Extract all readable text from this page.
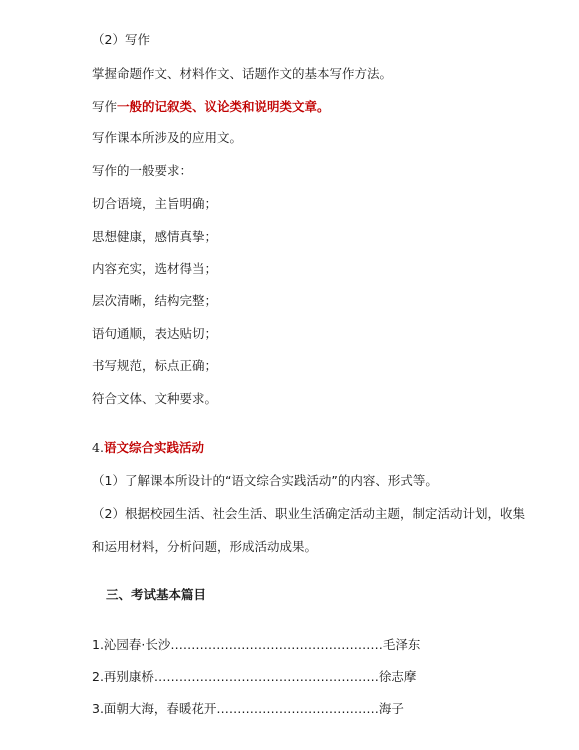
（2）写作
掌握命题作文、材料作文、话题作文的基本写作方法。
写作一般的记叙类、议论类和说明类文章。
写作课本所涉及的应用文。
写作的一般要求：
切合语境，主旨明确；
思想健康，感情真挚；
内容充实，选材得当；
层次清晰，结构完整；
语句通顺，表达贴切；
书写规范，标点正确；
符合文体、文种要求。
4.语文综合实践活动
（1）了解课本所设计的“语文综合实践活动”的内容、形式等。
（2）根据校园生活、社会生活、职业生活确定活动主题，制定活动计划，收集
和运用材料，分析问题，形成活动成果。
三、考试基本篇目
1.沁园春·长沙……………………………………………毛泽东
2.再别康桥………………………………………………徐志摩
3.面朝大海，春暖花开…………………………………海子
